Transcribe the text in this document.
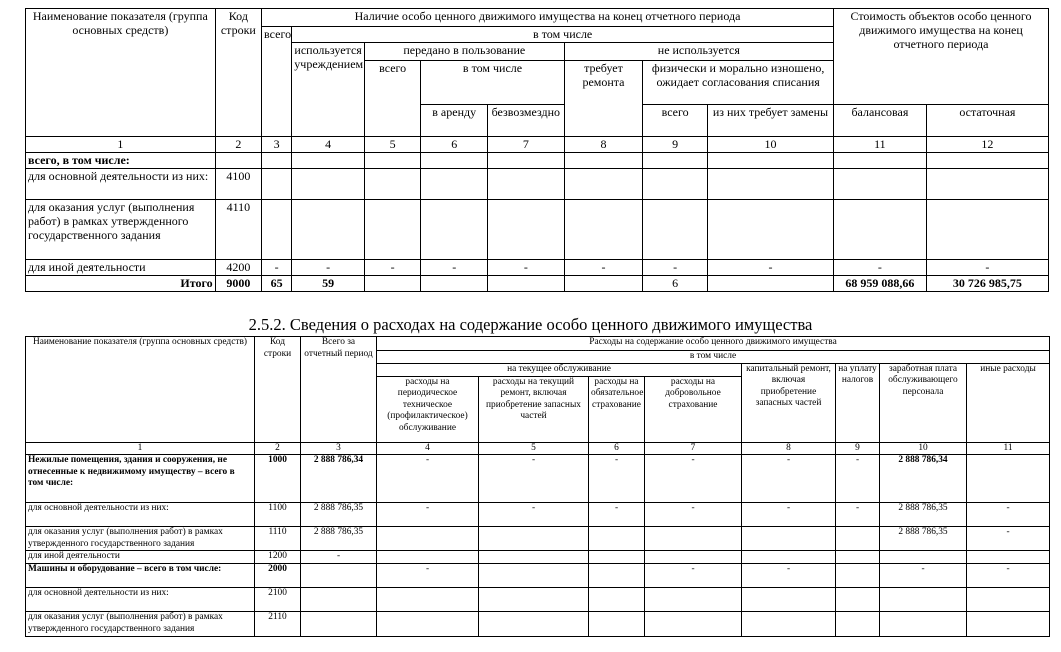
Наименование показателя (группа основных средств)	Код строки	Наличие особо ценного движимого имущества на конец отчетного периода								Стоимость объектов особо ценного движимого имущества на конец отчетного периода	
		всего	в том числе								
			используется учреждением	передано в пользование			не используется				
				всего	в том числе		требует ремонта	физически и морально изношено, ожидает согласования списания			
					в аренду	безвозмездно		всего	из них требует замены	балансовая	остаточная
1	2	3	4	5	6	7	8	9	10	11	12
всего, в том числе:											
для основной деятельности из них:	4100										
для оказания услуг (выполнения работ) в рамках утвержденного государственного задания	4110										
для иной деятельности	4200	-	-	-	-	-	-	-	-	-	-
Итого	9000	65	59					6		68 959 088,66	30 726 985,75
2.5.2. Сведения о расходах на содержание особо ценного движимого имущества
Наименование показателя (группа основных средств)	Код строки	Всего за отчетный период	Расходы на содержание особо ценного движимого имущества							
			в том числе							
			на текущее обслуживание				капитальный ремонт, включая приобретение запасных частей	на уплату налогов	заработная плата обслуживающего персонала	иные расходы
			расходы на периодическое техническое (профилактическое) обслуживание	расходы на текущий ремонт, включая приобретение запасных частей	расходы на обязательное страхование	расходы на добровольное страхование				
1	2	3	4	5	6	7	8	9	10	11
Нежилые помещения, здания и сооружения, не отнесенные к недвижимому имуществу – всего в том числе:	1000	2 888 786,34	-	-	-	-	-	-	2 888 786,34	
для основной деятельности из них:	1100	2 888 786,35	-	-	-	-	-	-	2 888 786,35	-
для оказания услуг (выполнения работ) в рамках утвержденного государственного задания	1110	2 888 786,35							2 888 786,35	-
для иной деятельности	1200	-								
Машины и оборудование – всего в том числе:	2000		-			-	-		-	-
для основной деятельности из них:	2100									
для оказания услуг (выполнения работ) в рамках утвержденного государственного задания	2110									
